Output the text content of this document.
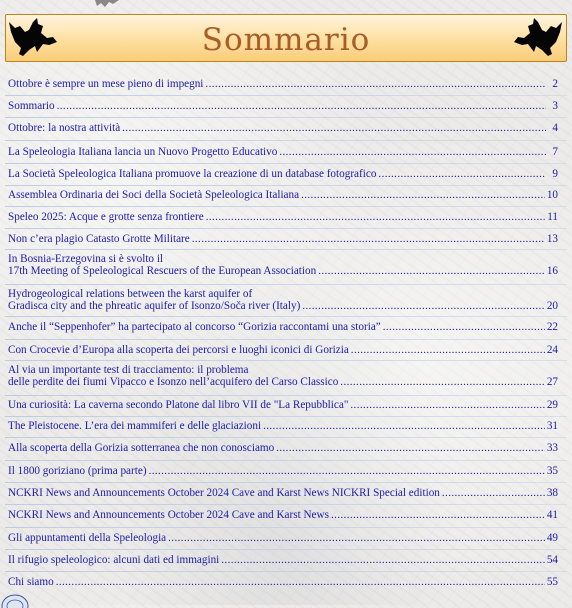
Sommario
Ottobre è sempre un mese pieno di impegni .....	2
Sommario .....	3
Ottobre: la nostra attività .....	4
La Speleologia Italiana lancia un Nuovo Progetto Educativo .....	7
La Società Speleologica Italiana promuove la creazione di un database fotografico .....	9
Assemblea Ordinaria dei Soci della Società Speleologica Italiana .....	10
Speleo 2025: Acque e grotte senza frontiere .....	11
Non c’era plagio Catasto Grotte Militare .....	13
In Bosnia-Erzegovina si è svolto il
17th Meeting of Speleological Rescuers of the European Association .....	16
Hydrogeological relations between the karst aquifer of
Gradisca city and the phreatic aquifer of Isonzo/Soča river (Italy) .....	20
Anche il “Seppenhofer” ha partecipato al concorso “Gorizia raccontami una storia” .....	22
Con Crocevie d’Europa alla scoperta dei percorsi e luoghi iconici di Gorizia .....	24
Al via un importante test di tracciamento: il problema
delle perdite dei fiumi Vipacco e Isonzo nell’acquifero del Carso Classico .....	27
Una curiosità: La caverna secondo Platone dal libro VII de "La Repubblica" .....	29
The Pleistocene. L’era dei mammiferi e delle glaciazioni .....	31
Alla scoperta della Gorizia sotterranea che non conosciamo .....	33
Il 1800 goriziano (prima parte) .....	35
NCKRI News and Announcements October 2024 Cave and Karst News NICKRI Special edition .....	38
NCKRI News and Announcements October 2024 Cave and Karst News .....	41
Gli appuntamenti della Speleologia .....	49
Il rifugio speleologico: alcuni dati ed immagini .....	54
Chi siamo .....	55
